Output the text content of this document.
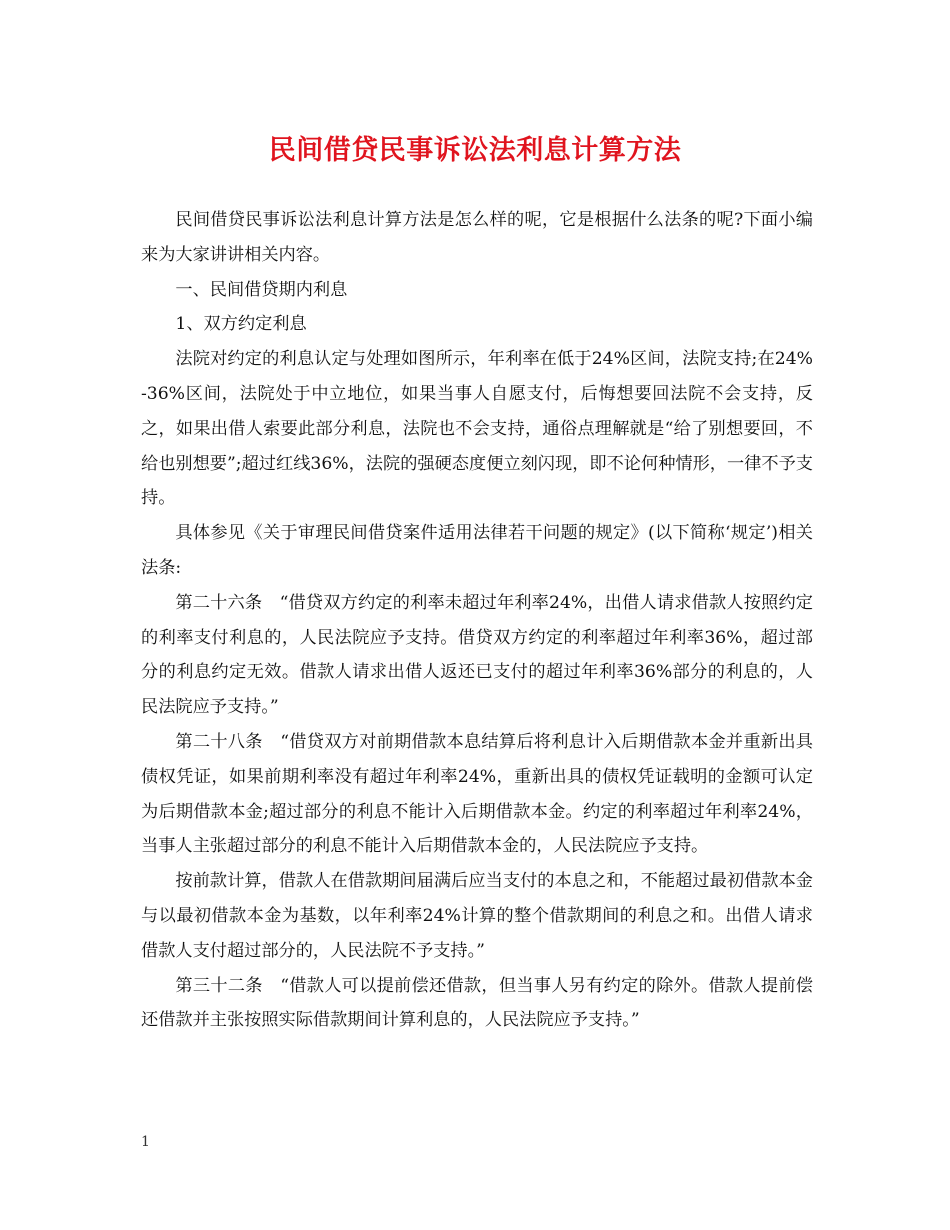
民间借贷民事诉讼法利息计算方法

民间借贷民事诉讼法利息计算方法是怎么样的呢，它是根据什么法条的呢?下面小编来为大家讲讲相关内容。

一、民间借贷期内利息

1、双方约定利息

法院对约定的利息认定与处理如图所示，年利率在低于24%区间，法院支持;在24%-36%区间，法院处于中立地位，如果当事人自愿支付，后悔想要回法院不会支持，反之，如果出借人索要此部分利息，法院也不会支持，通俗点理解就是“给了别想要回，不给也别想要”;超过红线36%，法院的强硬态度便立刻闪现，即不论何种情形，一律不予支持。

具体参见《关于审理民间借贷案件适用法律若干问题的规定》(以下简称‘规定’)相关法条:

第二十六条　“借贷双方约定的利率未超过年利率24%，出借人请求借款人按照约定的利率支付利息的，人民法院应予支持。借贷双方约定的利率超过年利率36%，超过部分的利息约定无效。借款人请求出借人返还已支付的超过年利率36%部分的利息的，人民法院应予支持。”

第二十八条　“借贷双方对前期借款本息结算后将利息计入后期借款本金并重新出具债权凭证，如果前期利率没有超过年利率24%，重新出具的债权凭证载明的金额可认定为后期借款本金;超过部分的利息不能计入后期借款本金。约定的利率超过年利率24%，当事人主张超过部分的利息不能计入后期借款本金的，人民法院应予支持。

按前款计算，借款人在借款期间届满后应当支付的本息之和，不能超过最初借款本金与以最初借款本金为基数，以年利率24%计算的整个借款期间的利息之和。出借人请求借款人支付超过部分的，人民法院不予支持。”

第三十二条　“借款人可以提前偿还借款，但当事人另有约定的除外。借款人提前偿还借款并主张按照实际借款期间计算利息的，人民法院应予支持。”

1
